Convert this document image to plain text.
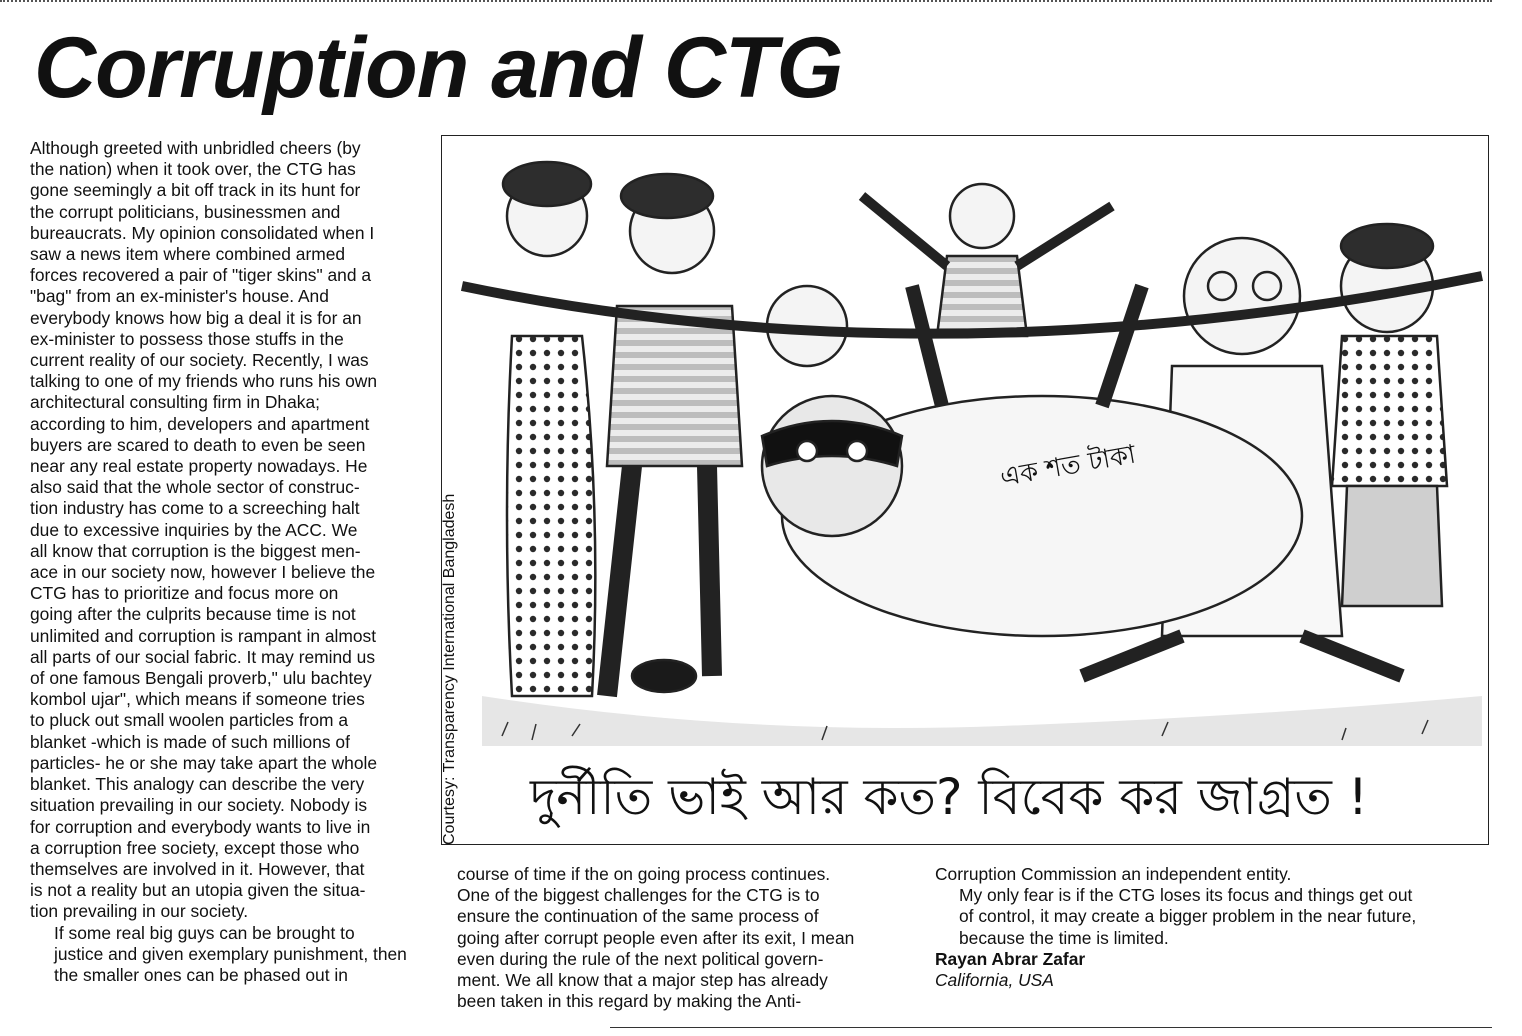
Corruption and CTG

Although greeted with unbridled cheers (by
the nation) when it took over, the CTG has
gone seemingly a bit off track in its hunt for
the corrupt politicians, businessmen and
bureaucrats. My opinion consolidated when I
saw a news item where combined armed
forces recovered a pair of "tiger skins" and a
"bag" from an ex-minister's house. And
everybody knows how big a deal it is for an
ex-minister to possess those stuffs in the
current reality of our society. Recently, I was
talking to one of my friends who runs his own
architectural consulting firm in Dhaka;
according to him, developers and apartment
buyers are scared to death to even be seen
near any real estate property nowadays. He
also said that the whole sector of construc-
tion industry has come to a screeching halt
due to excessive inquiries by the ACC. We
all know that corruption is the biggest men-
ace in our society now, however I believe the
CTG has to prioritize and focus more on
going after the culprits because time is not
unlimited and corruption is rampant in almost
all parts of our social fabric. It may remind us
of one famous Bengali proverb," ulu bachtey
kombol ujar", which means if someone tries
to pluck out small woolen particles from a
blanket -which is made of such millions of
particles- he or she may take apart the whole
blanket. This analogy can describe the very
situation prevailing in our society. Nobody is
for corruption and everybody wants to live in
a corruption free society, except those who
themselves are involved in it. However, that
is not a reality but an utopia given the situa-
tion prevailing in our society.

If some real big guys can be brought to
justice and given exemplary punishment, then
the smaller ones can be phased out in

এক শত টাকা
Courtesy: Transparency International Bangladesh দুর্নীতি ভাই আর কত? বিবেক কর জাগ্রত !

course of time if the on going process continues.
One of the biggest challenges for the CTG is to
ensure the continuation of the same process of
going after corrupt people even after its exit, I mean
even during the rule of the next political govern-
ment. We all know that a major step has already
been taken in this regard by making the Anti-

Corruption Commission an independent entity.

My only fear is if the CTG loses its focus and things get out
of control, it may create a bigger problem in the near future,
because the time is limited.

Rayan Abrar Zafar

California, USA
